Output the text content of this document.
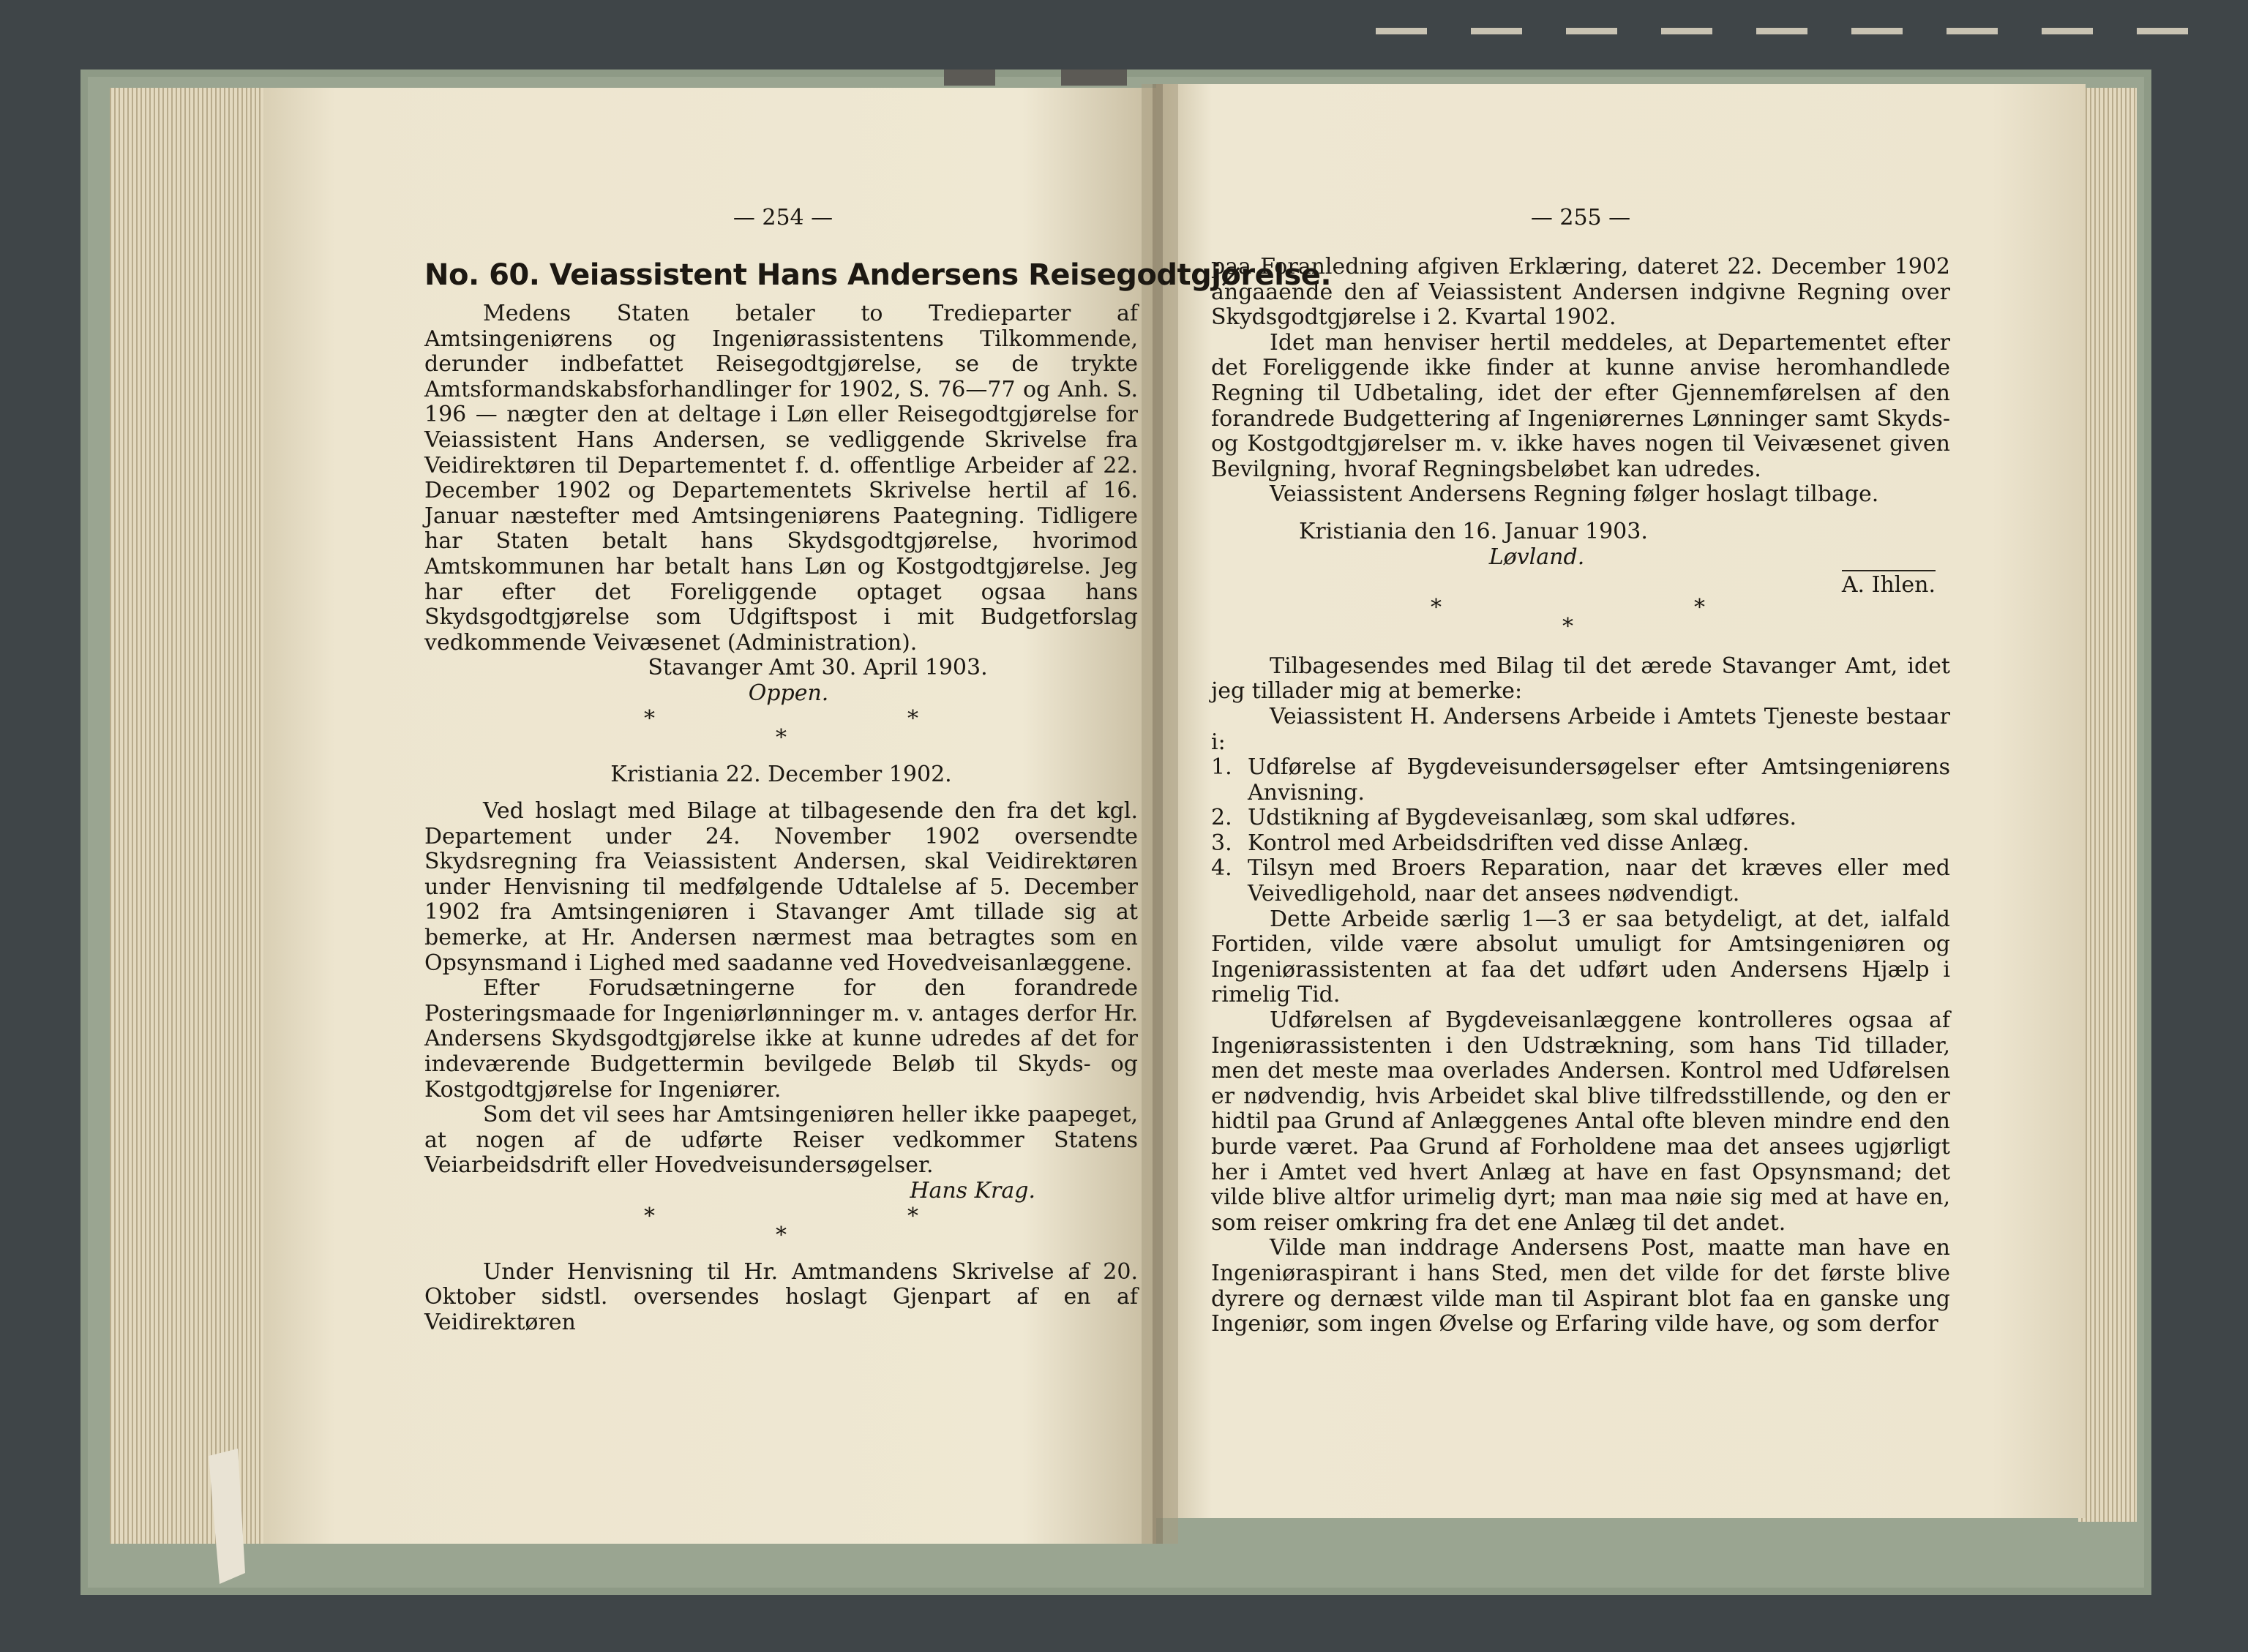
— 254 —
No. 60. Veiassistent Hans Andersens Reisegodtgjørelse.

Medens Staten betaler to Tredieparter af Amtsingeniørens og Ingeniørassistentens Tilkommende, derunder indbefattet Reisegodtgjørelse, se de trykte Amtsformandskabsforhandlinger for 1902, S. 76—77 og Anh. S. 196 — nægter den at deltage i Løn eller Reisegodtgjørelse for Veiassistent Hans Andersen, se vedliggende Skrivelse fra Veidirektøren til Departementet f. d. offentlige Arbeider af 22. December 1902 og Departementets Skrivelse hertil af 16. Januar næstefter med Amtsingeniørens Paategning. Tidligere har Staten betalt hans Skydsgodtgjørelse, hvorimod Amtskommunen har betalt hans Løn og Kostgodtgjørelse. Jeg har efter det Foreliggende optaget ogsaa hans Skydsgodtgjørelse som Udgiftspost i mit Budgetforslag vedkommende Veivæsenet (Administration).

Stavanger Amt 30. April 1903.
Oppen.
*	*
*
Kristiania 22. December 1902.

Ved hoslagt med Bilage at tilbagesende den fra det kgl. Departement under 24. November 1902 oversendte Skydsregning fra Veiassistent Andersen, skal Veidirektøren under Henvisning til medfølgende Udtalelse af 5. December 1902 fra Amtsingeniøren i Stavanger Amt tillade sig at bemerke, at Hr. Andersen nærmest maa betragtes som en Opsynsmand i Lighed med saadanne ved Hovedveisanlæggene.

Efter Forudsætningerne for den forandrede Posteringsmaade for Ingeniørlønninger m. v. antages derfor Hr. Andersens Skydsgodtgjørelse ikke at kunne udredes af det for indeværende Budgettermin bevilgede Beløb til Skyds- og Kostgodtgjørelse for Ingeniører.

Som det vil sees har Amtsingeniøren heller ikke paapeget, at nogen af de udførte Reiser vedkommer Statens Veiarbeidsdrift eller Hovedveisundersøgelser.

Hans Krag.
*	*
*

Under Henvisning til Hr. Amtmandens Skrivelse af 20. Oktober sidstl. oversendes hoslagt Gjenpart af en af Veidirektøren

— 255 —

paa Foranledning afgiven Erklæring, dateret 22. December 1902 angaaende den af Veiassistent Andersen indgivne Regning over Skydsgodtgjørelse i 2. Kvartal 1902.

Idet man henviser hertil meddeles, at Departementet efter det Foreliggende ikke finder at kunne anvise heromhandlede Regning til Udbetaling, idet der efter Gjennemførelsen af den forandrede Budgettering af Ingeniørernes Lønninger samt Skyds- og Kostgodtgjørelser m. v. ikke haves nogen til Veivæsenet given Bevilgning, hvoraf Regningsbeløbet kan udredes.

Veiassistent Andersens Regning følger hoslagt tilbage.

Kristiania den 16. Januar 1903.

Løvland.
A. Ihlen.
*	*
*

Tilbagesendes med Bilag til det ærede Stavanger Amt, idet jeg tillader mig at bemerke:

Veiassistent H. Andersens Arbeide i Amtets Tjeneste bestaar i:

1. Udførelse af Bygdeveisundersøgelser efter Amtsingeniørens Anvisning.
2. Udstikning af Bygdeveisanlæg, som skal udføres.
3. Kontrol med Arbeidsdriften ved disse Anlæg.
4. Tilsyn med Broers Reparation, naar det kræves eller med Veivedligehold, naar det ansees nødvendigt.

Dette Arbeide særlig 1—3 er saa betydeligt, at det, ialfald Fortiden, vilde være absolut umuligt for Amtsingeniøren og Ingeniørassistenten at faa det udført uden Andersens Hjælp i rimelig Tid.

Udførelsen af Bygdeveisanlæggene kontrolleres ogsaa af Ingeniørassistenten i den Udstrækning, som hans Tid tillader, men det meste maa overlades Andersen. Kontrol med Udførelsen er nødvendig, hvis Arbeidet skal blive tilfredsstillende, og den er hidtil paa Grund af Anlæggenes Antal ofte bleven mindre end den burde været. Paa Grund af Forholdene maa det ansees ugjørligt her i Amtet ved hvert Anlæg at have en fast Opsynsmand; det vilde blive altfor urimelig dyrt; man maa nøie sig med at have en, som reiser omkring fra det ene Anlæg til det andet.

Vilde man inddrage Andersens Post, maatte man have en Ingeniøraspirant i hans Sted, men det vilde for det første blive dyrere og dernæst vilde man til Aspirant blot faa en ganske ung Ingeniør, som ingen Øvelse og Erfaring vilde have, og som derfor
